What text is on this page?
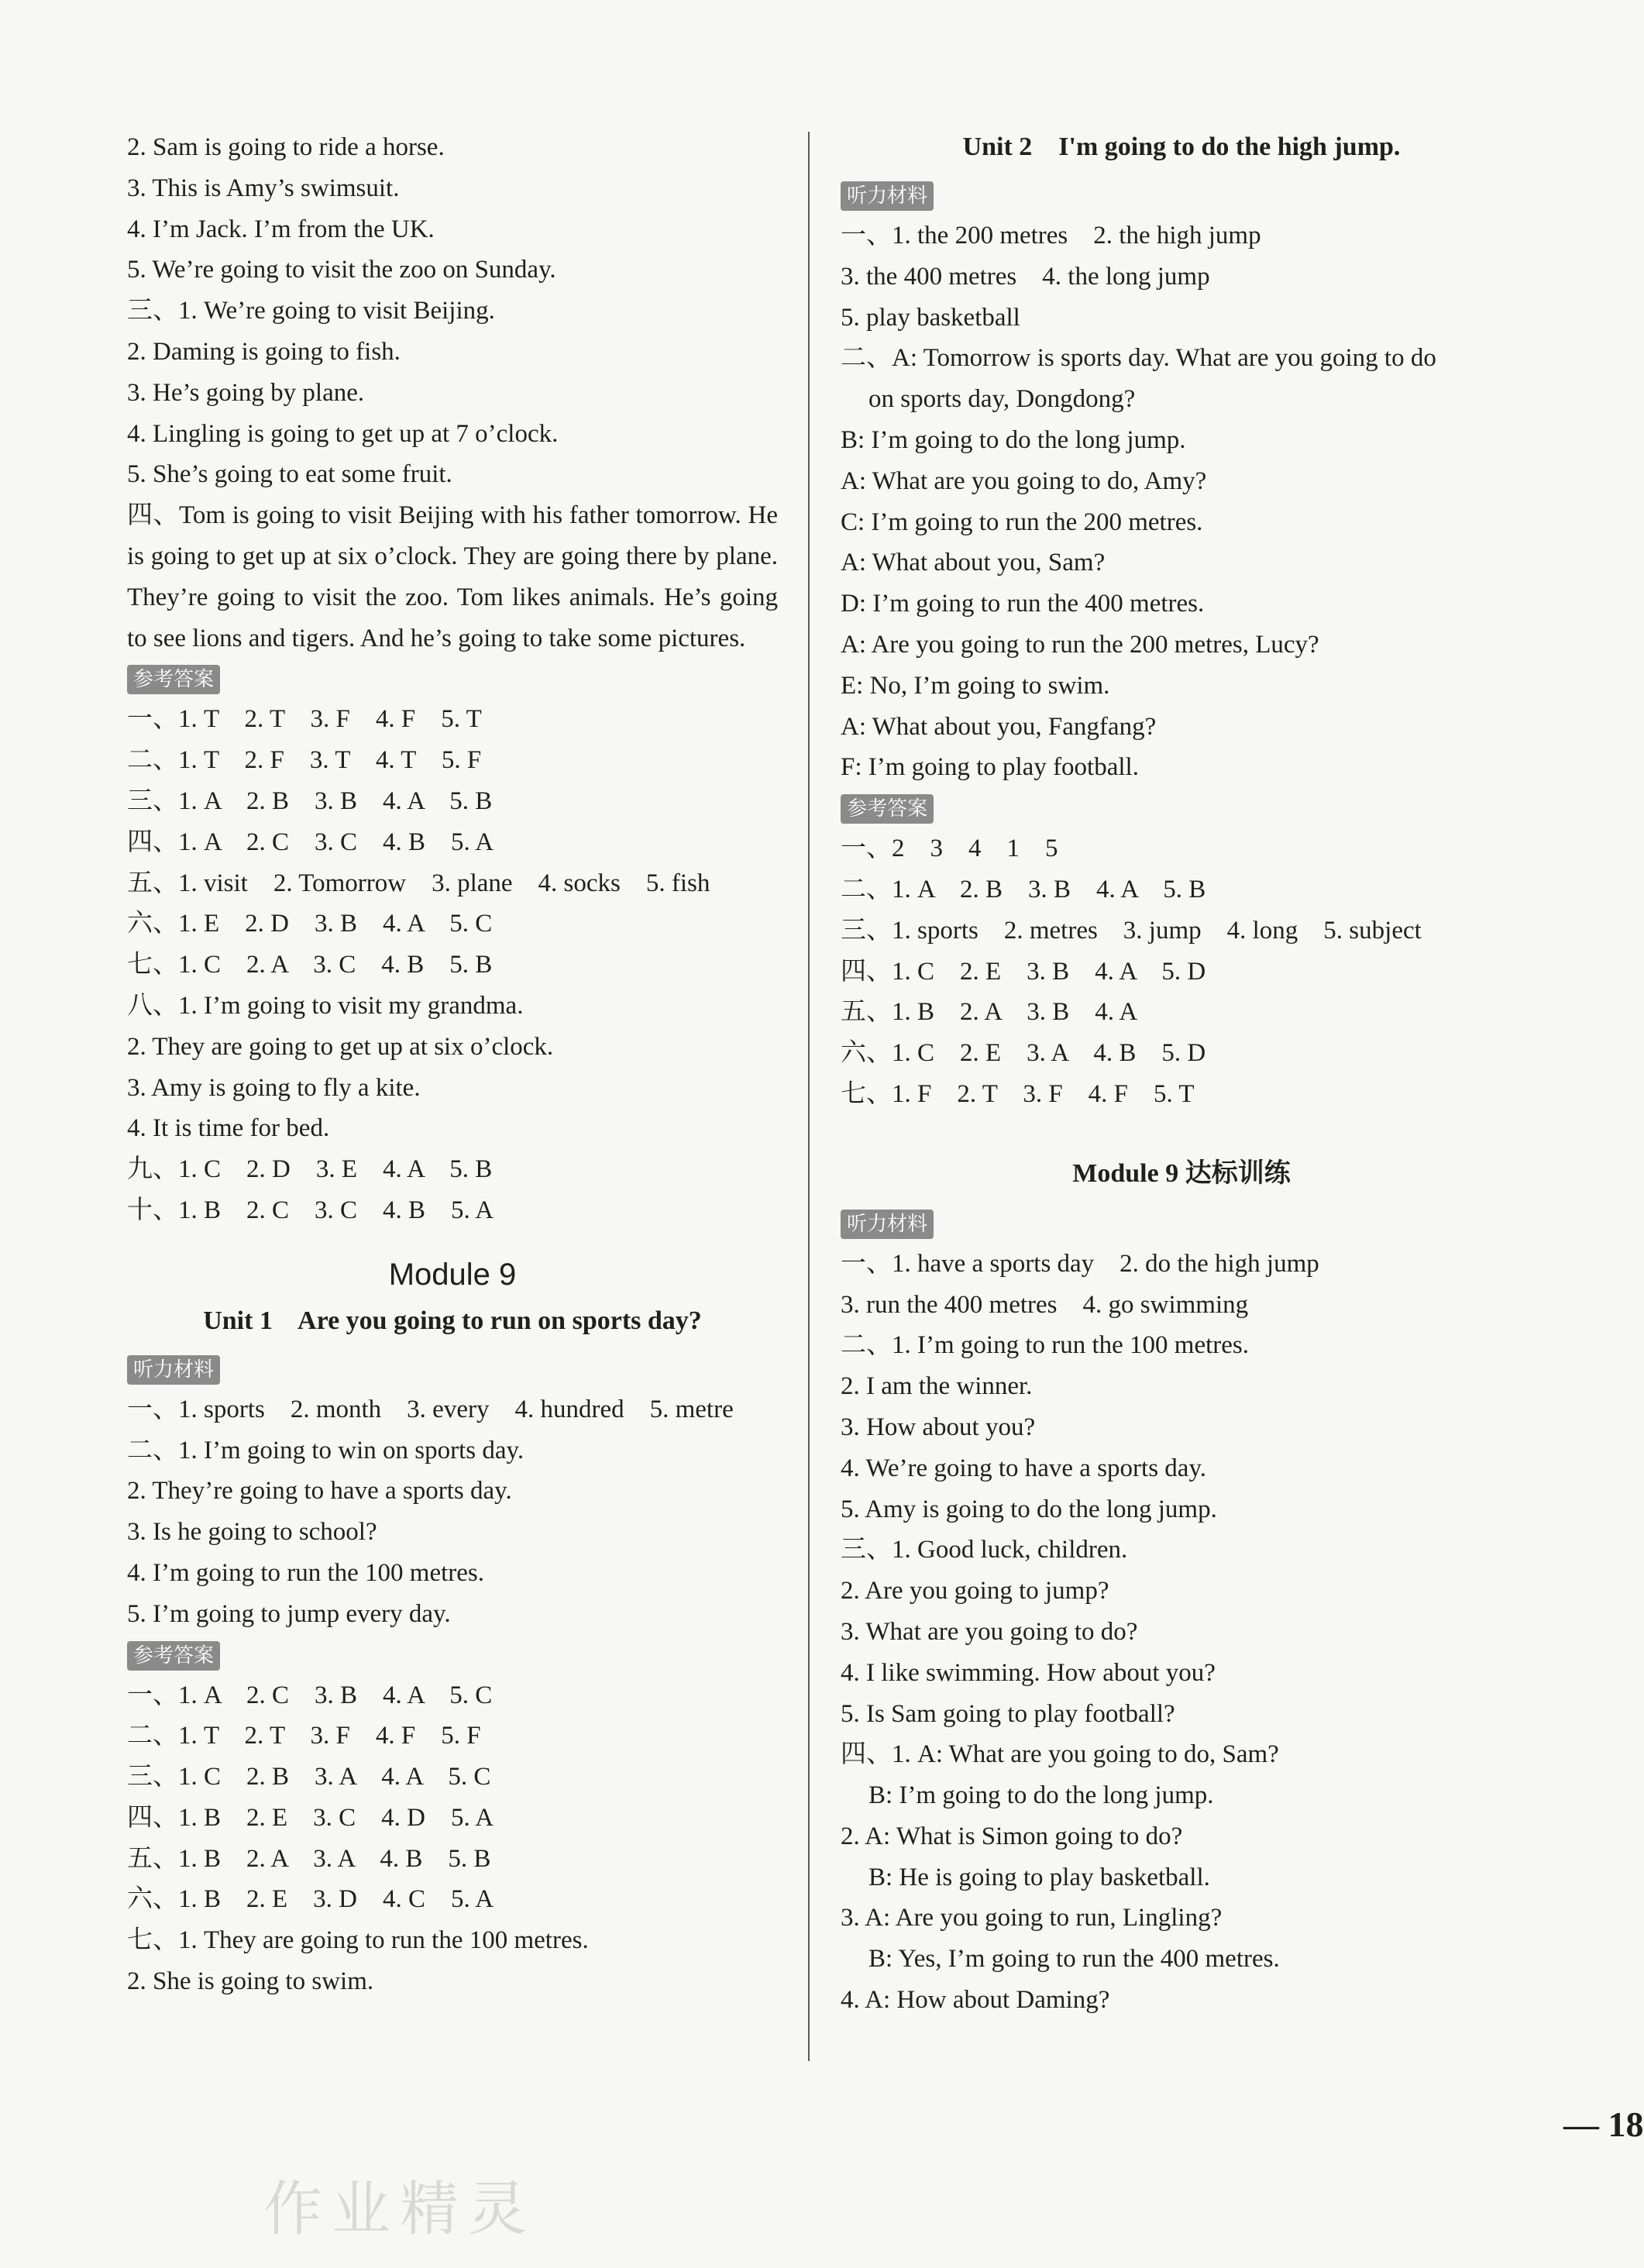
2. Sam is going to ride a horse.
3. This is Amy’s swimsuit.
4. I’m Jack. I’m from the UK.
5. We’re going to visit the zoo on Sunday.
三、1. We’re going to visit Beijing.
2. Daming is going to fish.
3. He’s going by plane.
4. Lingling is going to get up at 7 o’clock.
5. She’s going to eat some fruit.
四、Tom is going to visit Beijing with his father tomorrow. He is going to get up at six o’clock. They are going there by plane. They’re going to visit the zoo. Tom likes animals. He’s going to see lions and tigers. And he’s going to take some pictures.
参考答案
一、1. T    2. T    3. F    4. F    5. T
二、1. T    2. F    3. T    4. T    5. F
三、1. A    2. B    3. B    4. A    5. B
四、1. A    2. C    3. C    4. B    5. A
五、1. visit    2. Tomorrow    3. plane    4. socks    5. fish
六、1. E    2. D    3. B    4. A    5. C
七、1. C    2. A    3. C    4. B    5. B
八、1. I’m going to visit my grandma.
2. They are going to get up at six o’clock.
3. Amy is going to fly a kite.
4. It is time for bed.
九、1. C    2. D    3. E    4. A    5. B
十、1. B    2. C    3. C    4. B    5. A
Module 9
Unit 1    Are you going to run on sports day?
听力材料
一、1. sports    2. month    3. every    4. hundred    5. metre
二、1. I’m going to win on sports day.
2. They’re going to have a sports day.
3. Is he going to school?
4. I’m going to run the 100 metres.
5. I’m going to jump every day.
参考答案
一、1. A    2. C    3. B    4. A    5. C
二、1. T    2. T    3. F    4. F    5. F
三、1. C    2. B    3. A    4. A    5. C
四、1. B    2. E    3. C    4. D    5. A
五、1. B    2. A    3. A    4. B    5. B
六、1. B    2. E    3. D    4. C    5. A
七、1. They are going to run the 100 metres.
2. She is going to swim.
Unit 2    I'm going to do the high jump.
听力材料
一、1. the 200 metres    2. the high jump
3. the 400 metres    4. the long jump
5. play basketball
二、A: Tomorrow is sports day. What are you going to do
on sports day, Dongdong?
B: I’m going to do the long jump.
A: What are you going to do, Amy?
C: I’m going to run the 200 metres.
A: What about you, Sam?
D: I’m going to run the 400 metres.
A: Are you going to run the 200 metres, Lucy?
E: No, I’m going to swim.
A: What about you, Fangfang?
F: I’m going to play football.
参考答案
一、2    3    4    1    5
二、1. A    2. B    3. B    4. A    5. B
三、1. sports    2. metres    3. jump    4. long    5. subject
四、1. C    2. E    3. B    4. A    5. D
五、1. B    2. A    3. B    4. A
六、1. C    2. E    3. A    4. B    5. D
七、1. F    2. T    3. F    4. F    5. T
Module 9 达标训练
听力材料
一、1. have a sports day    2. do the high jump
3. run the 400 metres    4. go swimming
二、1. I’m going to run the 100 metres.
2. I am the winner.
3. How about you?
4. We’re going to have a sports day.
5. Amy is going to do the long jump.
三、1. Good luck, children.
2. Are you going to jump?
3. What are you going to do?
4. I like swimming. How about you?
5. Is Sam going to play football?
四、1. A: What are you going to do, Sam?
B: I’m going to do the long jump.
2. A: What is Simon going to do?
B: He is going to play basketball.
3. A: Are you going to run, Lingling?
B: Yes, I’m going to run the 400 metres.
4. A: How about Daming?
— 18
作业精灵
